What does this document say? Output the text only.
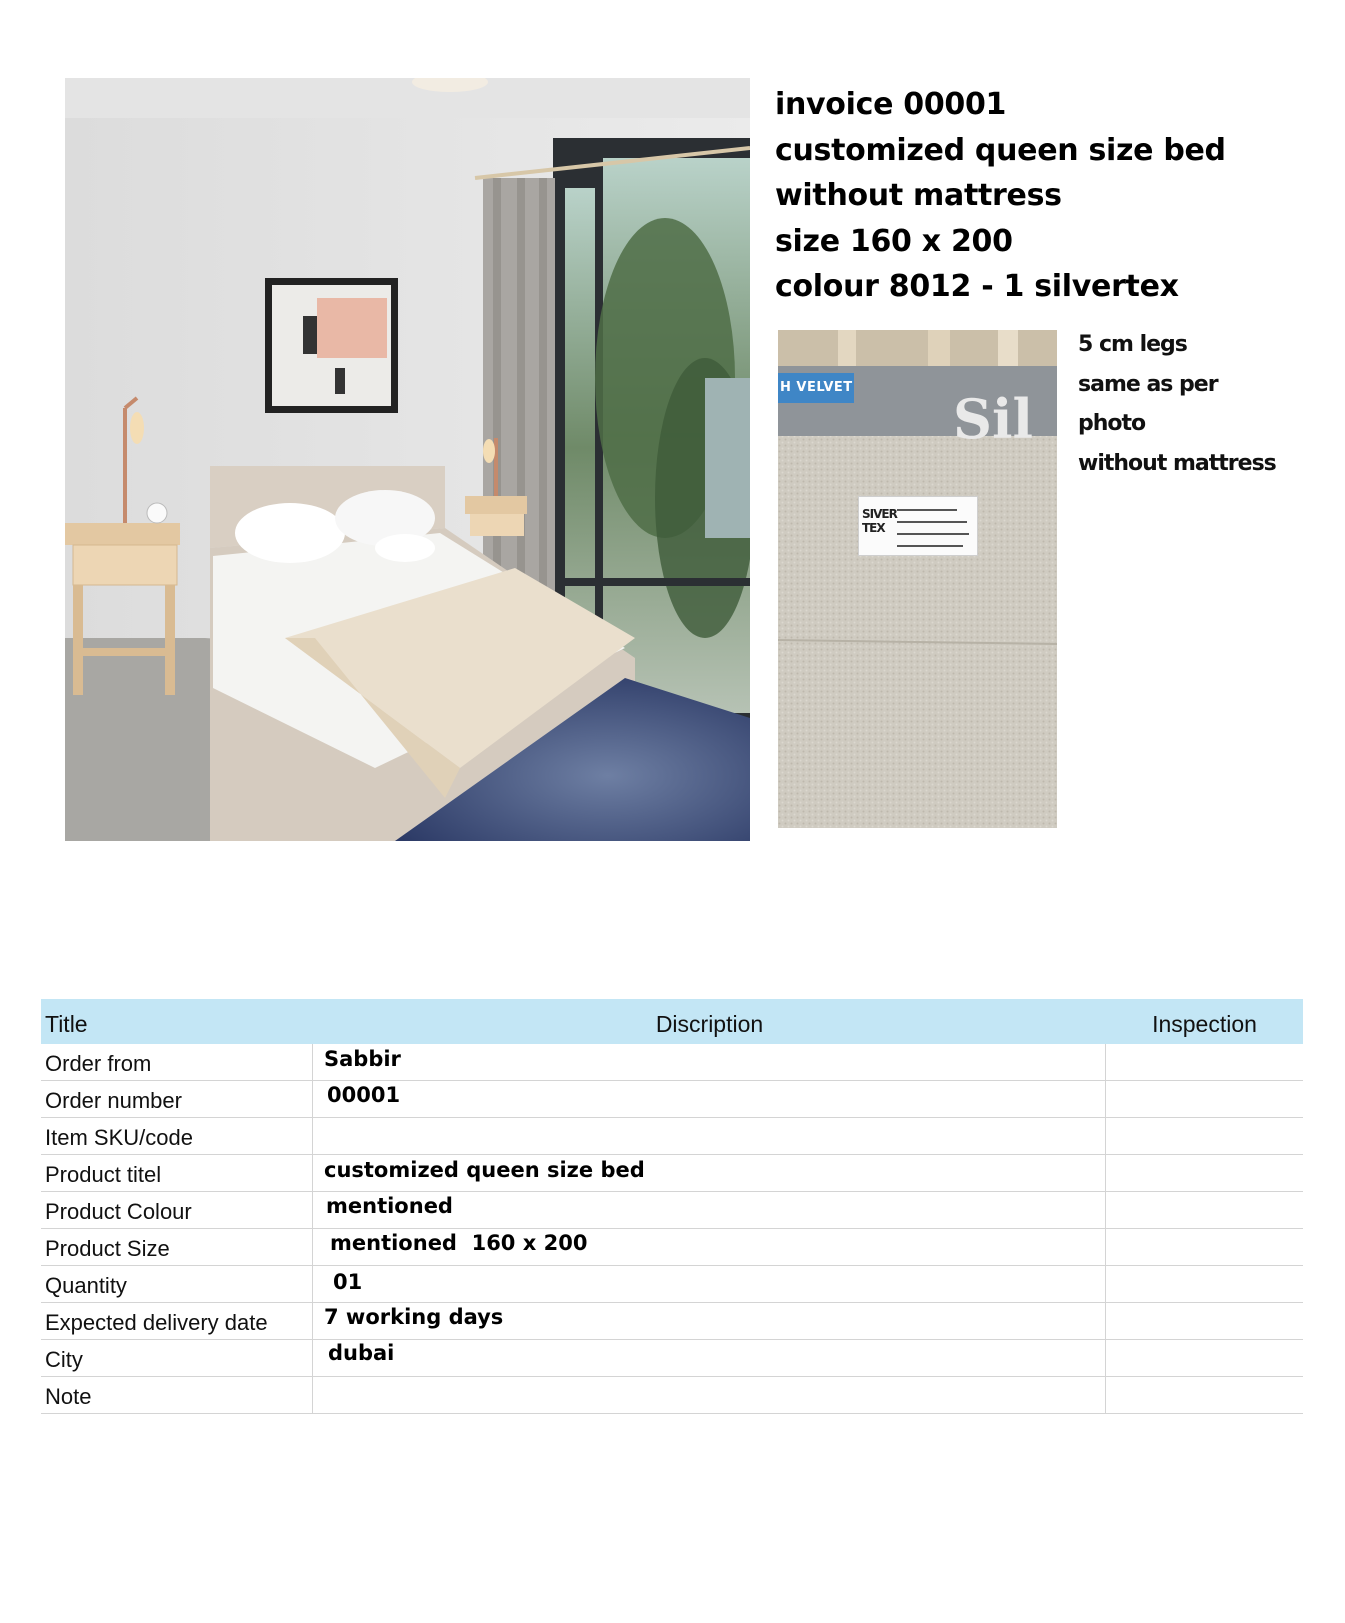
invoice 00001
customized queen size bed
without mattress
size 160 x 200
colour 8012 - 1 silvertex
H VELVET Sil
SIVER
TEX
5 cm legs
same as per
photo
without mattress
Title	Discription	Inspection
Order from	Sabbir
Order number	00001
Item SKU/code
Product titel	customized queen size bed
Product Colour	mentioned
Product Size	mentioned  160 x 200
Quantity	01
Expected delivery date	7 working days
City	dubai
Note
